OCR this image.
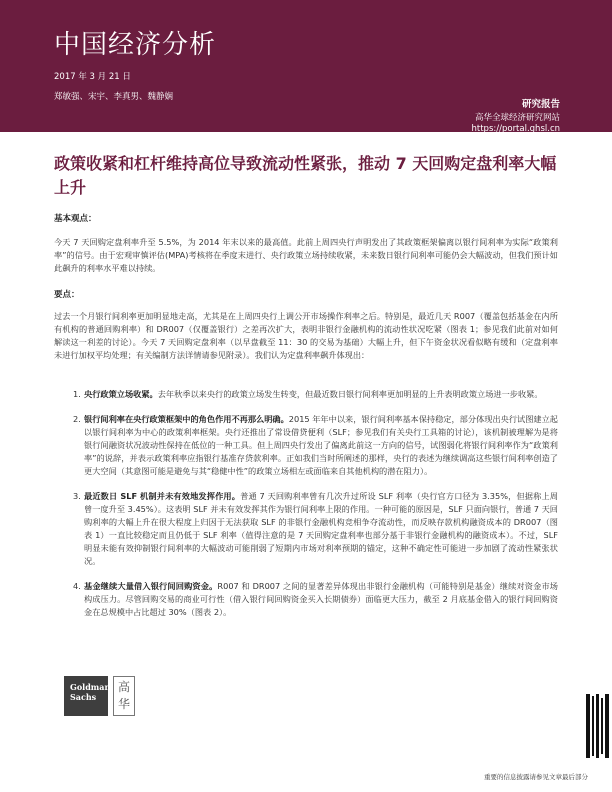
中国经济分析
2017 年 3 月 21 日
郑敏强、宋宇、李真男、魏静娴
研究报告
高华全球经济研究网站
https://portal.ghsl.cn
政策收紧和杠杆维持高位导致流动性紧张，推动 7 天回购定盘利率大幅上升
基本观点：
今天 7 天回购定盘利率升至 5.5%，为 2014 年末以来的最高值。此前上周四央行声明发出了其政策框架偏离以银行间利率为实际“政策利率”的信号。由于宏观审慎评估(MPA)考核将在季度末进行、央行政策立场持续收紧，未来数日银行间利率可能仍会大幅波动，但我们预计如此飙升的利率水平难以持续。
要点：
过去一个月银行间利率更加明显地走高，尤其是在上周四央行上调公开市场操作利率之后。特别是，最近几天 R007（覆盖包括基金在内所有机构的普通回购利率）和 DR007（仅覆盖银行）之差再次扩大，表明非银行金融机构的流动性状况吃紧（图表 1；参见我们此前对如何解读这一利差的讨论）。今天 7 天回购定盘利率（以早盘截至 11：30 的交易为基础）大幅上升，但下午资金状况看似略有缓和（定盘利率未进行加权平均处理；有关编制方法详情请参见附录）。我们认为定盘利率飙升体现出：
1. 央行政策立场收紧。去年秋季以来央行的政策立场发生转变，但最近数日银行间利率更加明显的上升表明政策立场进一步收紧。
2. 银行间利率在央行政策框架中的角色作用不再那么明确。2015 年年中以来，银行间利率基本保持稳定，部分体现出央行试图建立起以银行间利率为中心的政策利率框架。央行还推出了常设借贷便利（SLF；参见我们有关央行工具箱的讨论），该机制被理解为是将银行间融资状况波动性保持在低位的一种工具。但上周四央行发出了偏离此前这一方向的信号，试图弱化将银行间利率作为“政策利率”的说辞，并表示政策利率应指银行基准存贷款利率。正如我们当时所阐述的那样，央行的表述为继续调高这些银行间利率创造了更大空间（其意图可能是避免与其“稳健中性”的政策立场相左或面临来自其他机构的潜在阻力）。
3. 最近数日 SLF 机制并未有效地发挥作用。普通 7 天回购利率曾有几次升过所设 SLF 利率（央行官方口径为 3.35%，但据称上周曾一度升至 3.45%）。这表明 SLF 并未有效发挥其作为银行间利率上限的作用。一种可能的原因是，SLF 只面向银行，普通 7 天回购利率的大幅上升在很大程度上归因于无法获取 SLF 的非银行金融机构竞相争夺流动性，而反映存款机构融资成本的 DR007（图表 1）一直比较稳定而且仍低于 SLF 利率（值得注意的是 7 天回购定盘利率也部分基于非银行金融机构的融资成本）。不过，SLF 明显未能有效抑制银行间利率的大幅波动可能削弱了短期内市场对利率预期的锚定，这种不确定性可能进一步加剧了流动性紧张状况。
4. 基金继续大量借入银行间回购资金。R007 和 DR007 之间的显著差异体现出非银行金融机构（可能特别是基金）继续对资金市场构成压力。尽管回购交易的商业可行性（借入银行间回购资金买入长期债券）面临更大压力，截至 2 月底基金借入的银行间回购资金在总规模中占比超过 30%（图表 2）。
Goldman Sachs
高华
重要的信息披露请参见文章最后部分
